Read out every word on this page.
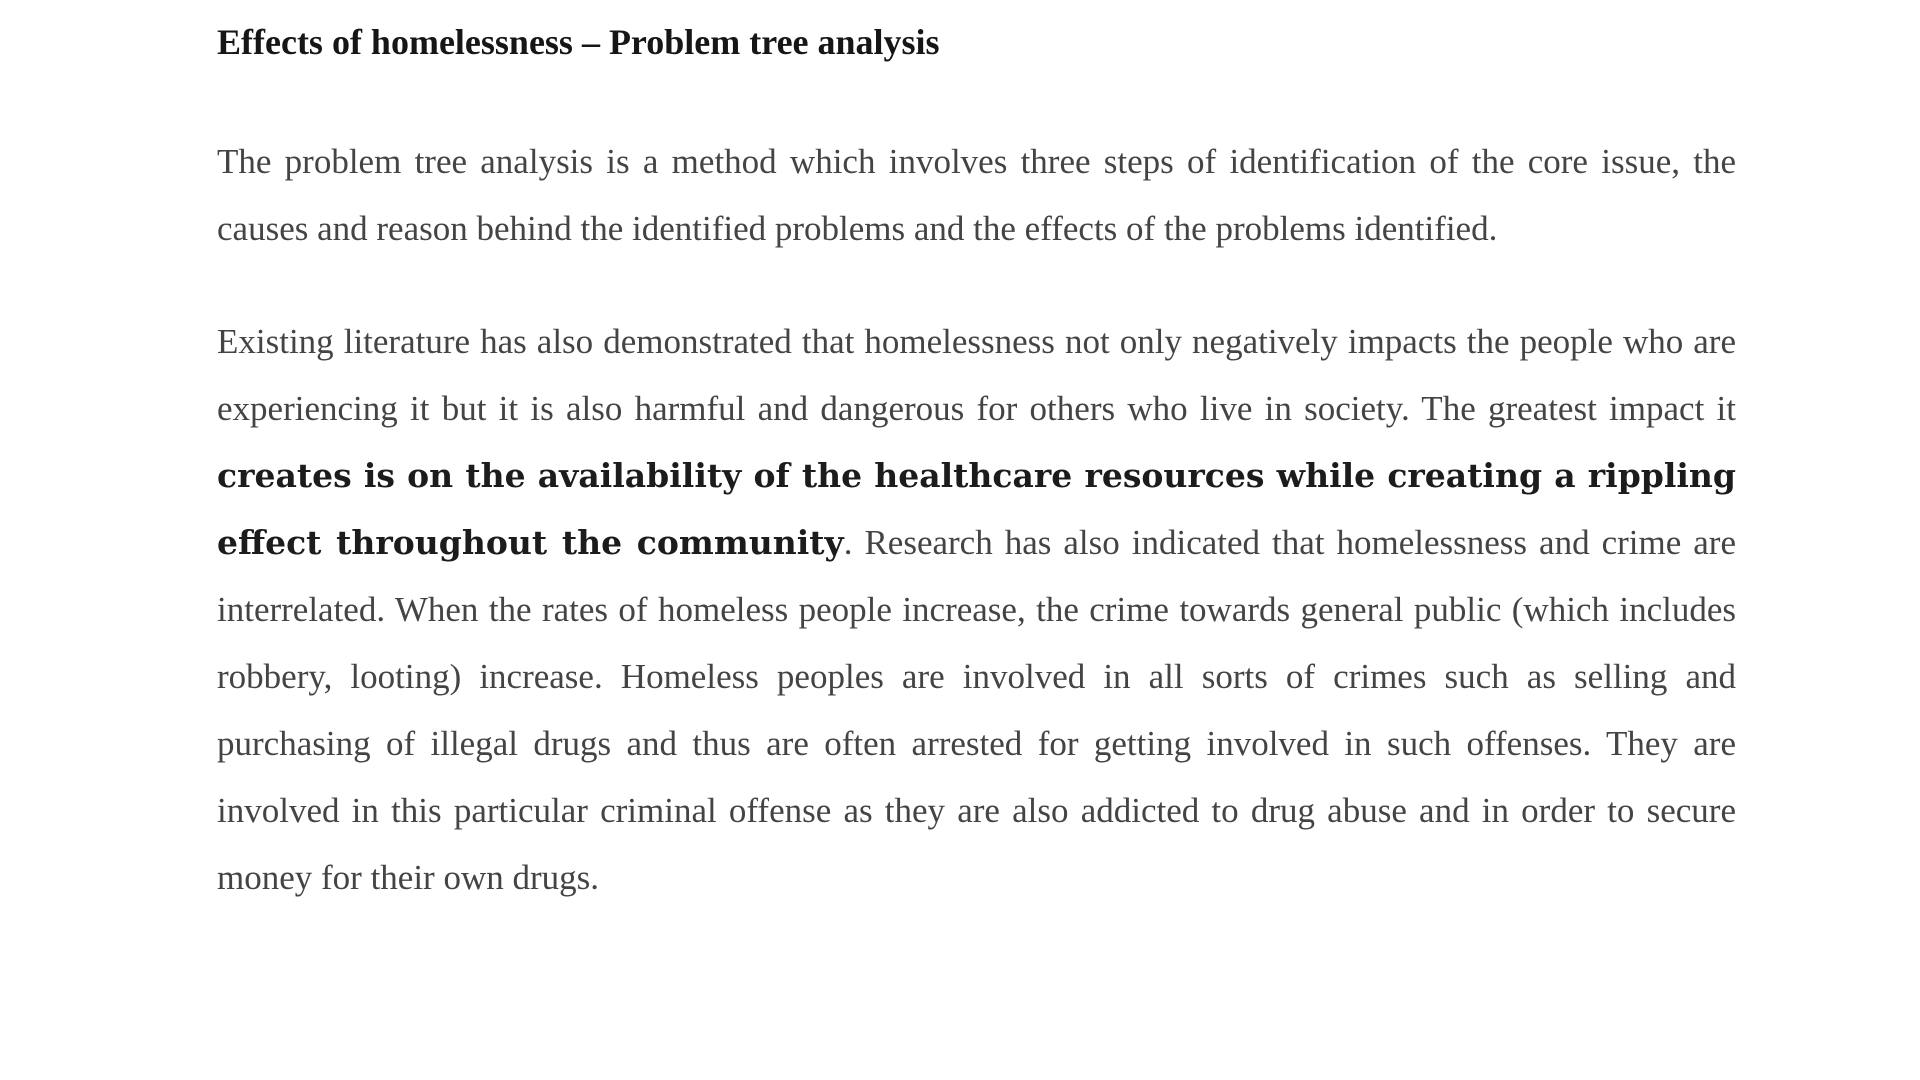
Effects of homelessness – Problem tree analysis

The problem tree analysis is a method which involves three steps of identification of the core issue, the causes and reason behind the identified problems and the effects of the problems identified.

Existing literature has also demonstrated that homelessness not only negatively impacts the people who are experiencing it but it is also harmful and dangerous for others who live in society. The greatest impact it creates is on the availability of the healthcare resources while creating a rippling effect throughout the community. Research has also indicated that homelessness and crime are interrelated. When the rates of homeless people increase, the crime towards general public (which includes robbery, looting) increase. Homeless peoples are involved in all sorts of crimes such as selling and purchasing of illegal drugs and thus are often arrested for getting involved in such offenses. They are involved in this particular criminal offense as they are also addicted to drug abuse and in order to secure money for their own drugs.
